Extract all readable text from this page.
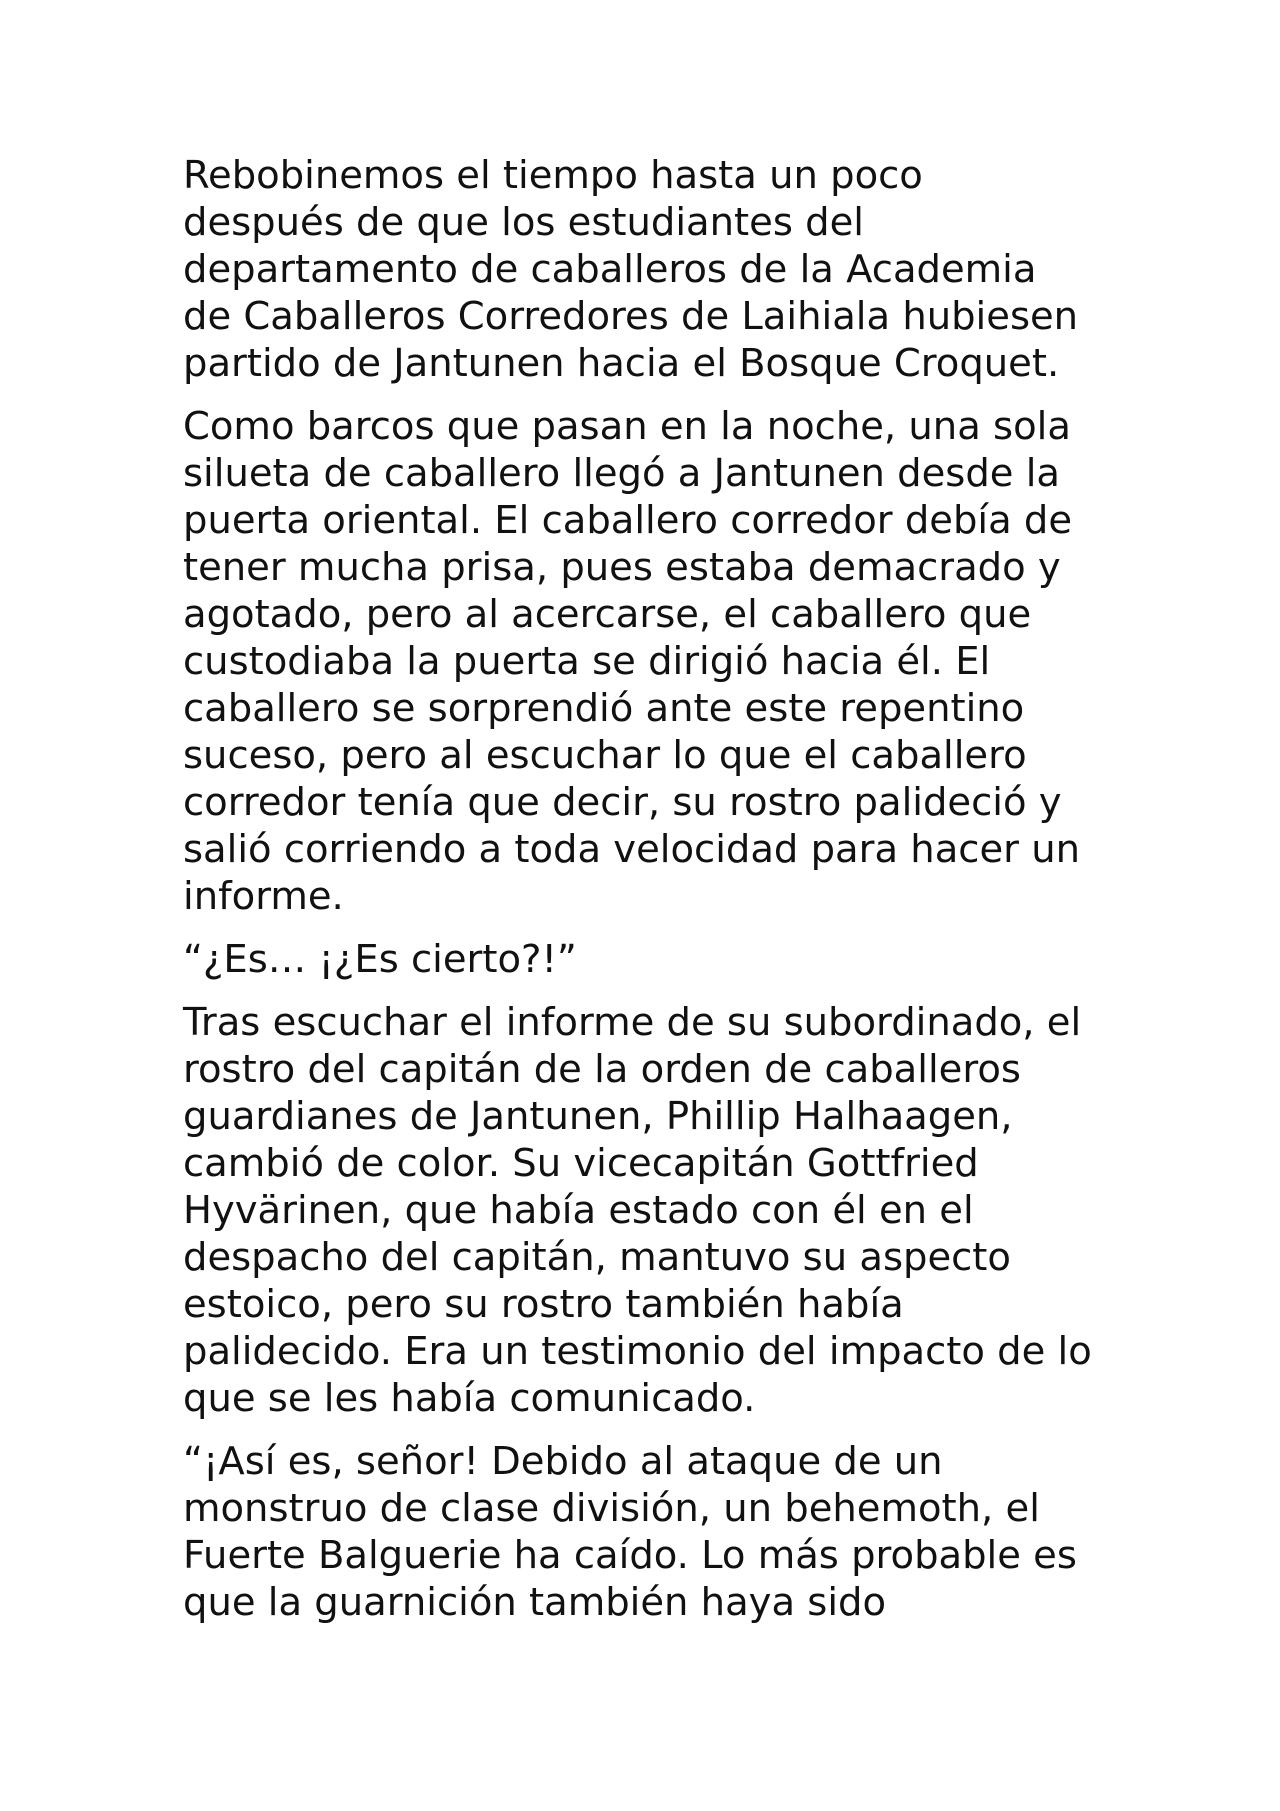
Rebobinemos el tiempo hasta un poco
después de que los estudiantes del
departamento de caballeros de la Academia
de Caballeros Corredores de Laihiala hubiesen
partido de Jantunen hacia el Bosque Croquet.

Como barcos que pasan en la noche, una sola
silueta de caballero llegó a Jantunen desde la
puerta oriental. El caballero corredor debía de
tener mucha prisa, pues estaba demacrado y
agotado, pero al acercarse, el caballero que
custodiaba la puerta se dirigió hacia él. El
caballero se sorprendió ante este repentino
suceso, pero al escuchar lo que el caballero
corredor tenía que decir, su rostro palideció y
salió corriendo a toda velocidad para hacer un
informe.

“¿Es… ¡¿Es cierto?!”

Tras escuchar el informe de su subordinado, el
rostro del capitán de la orden de caballeros
guardianes de Jantunen, Phillip Halhaagen,
cambió de color. Su vicecapitán Gottfried
Hyvärinen, que había estado con él en el
despacho del capitán, mantuvo su aspecto
estoico, pero su rostro también había
palidecido. Era un testimonio del impacto de lo
que se les había comunicado.

“¡Así es, señor! Debido al ataque de un
monstruo de clase división, un behemoth, el
Fuerte Balguerie ha caído. Lo más probable es
que la guarnición también haya sido
